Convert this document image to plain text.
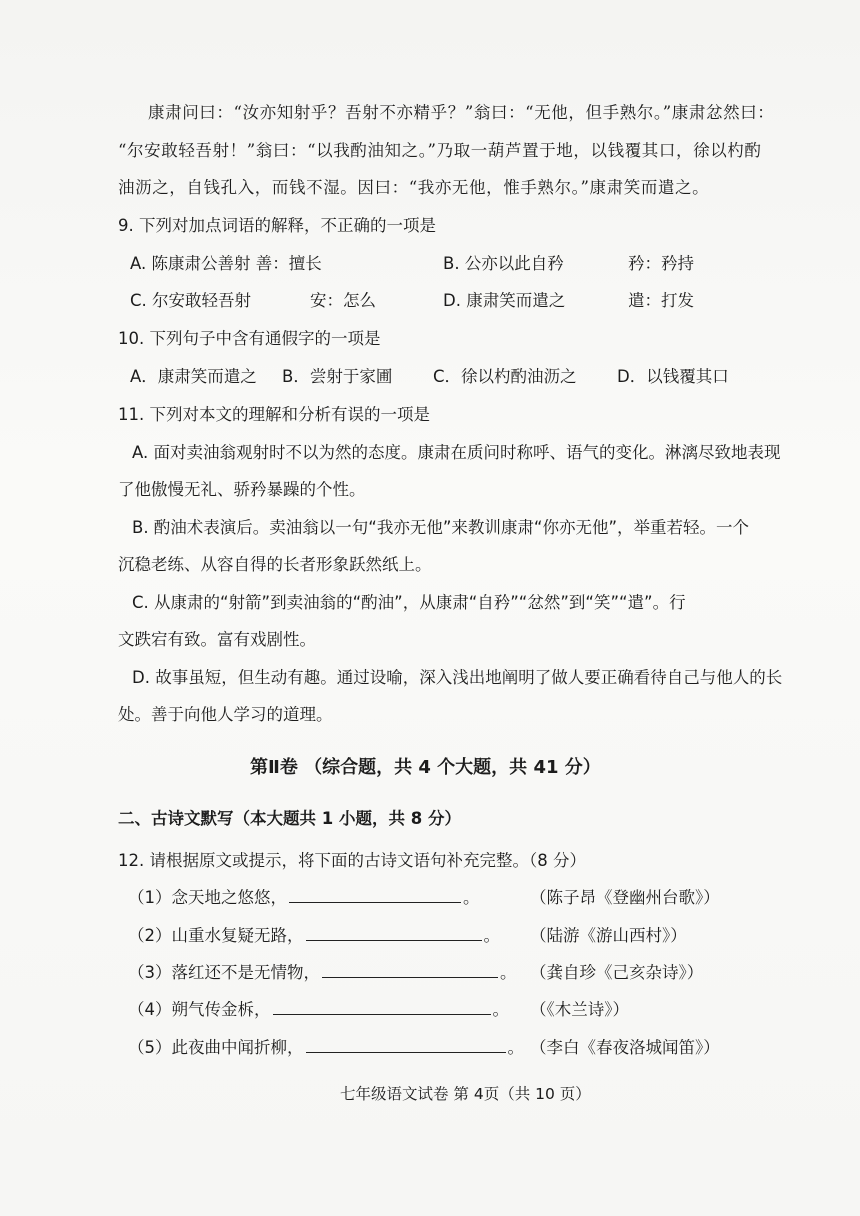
康肃问曰：“汝亦知射乎？吾射不亦精乎？”翁曰：“无他，但手熟尔。”康肃忿然曰：
“尔安敢轻吾射！”翁曰：“以我酌油知之。”乃取一葫芦置于地，以钱覆其口，徐以杓酌
油沥之，自钱孔入，而钱不湿。因曰：“我亦无他，惟手熟尔。”康肃笑而遣之。
9. 下列对加点词语的解释，不正确的一项是
A. 陈康肃公善射 善：擅长	B. 公亦以此自矜	矜：矜持
C. 尔安敢轻吾射	安：怎么	D. 康肃笑而遣之	遣：打发
10. 下列句子中含有通假字的一项是
A．康肃笑而遣之 B．尝射于家圃 C．徐以杓酌油沥之 D．以钱覆其口
11. 下列对本文的理解和分析有误的一项是
A. 面对卖油翁观射时不以为然的态度。康肃在质问时称呼、语气的变化。淋漓尽致地表现
了他傲慢无礼、骄矜暴躁的个性。
B. 酌油术表演后。卖油翁以一句“我亦无他”来教训康肃“你亦无他”，举重若轻。一个
沉稳老练、从容自得的长者形象跃然纸上。
C. 从康肃的“射箭”到卖油翁的“酌油”，从康肃“自矜”“忿然”到“笑”“遣”。行
文跌宕有致。富有戏剧性。
D. 故事虽短，但生动有趣。通过设喻，深入浅出地阐明了做人要正确看待自己与他人的长
处。善于向他人学习的道理。
第Ⅱ卷 （综合题，共 4 个大题，共 41 分）
二、古诗文默写（本大题共 1 小题，共 8 分）
12. 请根据原文或提示，将下面的古诗文语句补充完整。（8 分）
（1）念天地之悠悠，	。	（陈子昂《登幽州台歌》）
（2）山重水复疑无路，	。 （陆游《游山西村》）
（3）落红还不是无情物，	。 （龚自珍《己亥杂诗》）
（4）朔气传金柝，	。 （《木兰诗》）
（5）此夜曲中闻折柳，	。 （李白《春夜洛城闻笛》）
七年级语文试卷 第 4页（共 10 页）
